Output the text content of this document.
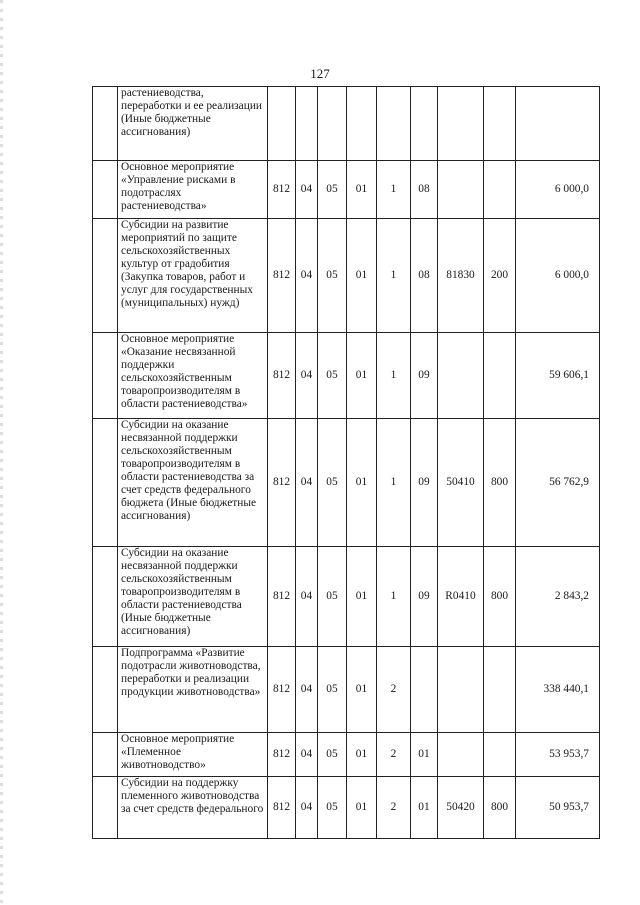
127
	растениеводства, переработки и ее реализации (Иные бюджетные ассигнования)									
	Основное мероприятие «Управление рисками в подотраслях растениеводства»	812	04	05	01	1	08			6 000,0
	Субсидии на развитие мероприятий по защите сельскохозяйственных культур от градобития (Закупка товаров, работ и услуг для государственных (муниципальных) нужд)	812	04	05	01	1	08	81830	200	6 000,0
	Основное мероприятие «Оказание несвязанной поддержки сельскохозяйственным товаропроизводителям в области растениеводства»	812	04	05	01	1	09			59 606,1
	Субсидии на оказание несвязанной поддержки сельскохозяйственным товаропроизводителям в области растениеводства за счет средств федерального бюджета (Иные бюджетные ассигнования)	812	04	05	01	1	09	50410	800	56 762,9
	Субсидии на оказание несвязанной поддержки сельскохозяйственным товаропроизводителям в области растениеводства (Иные бюджетные ассигнования)	812	04	05	01	1	09	R0410	800	2 843,2
	Подпрограмма «Развитие подотрасли животноводства, переработки и реализации продукции животноводства»	812	04	05	01	2				338 440,1
	Основное мероприятие «Племенное животноводство»	812	04	05	01	2	01			53 953,7
	Субсидии на поддержку племенного животноводства за счет средств федерального	812	04	05	01	2	01	50420	800	50 953,7
